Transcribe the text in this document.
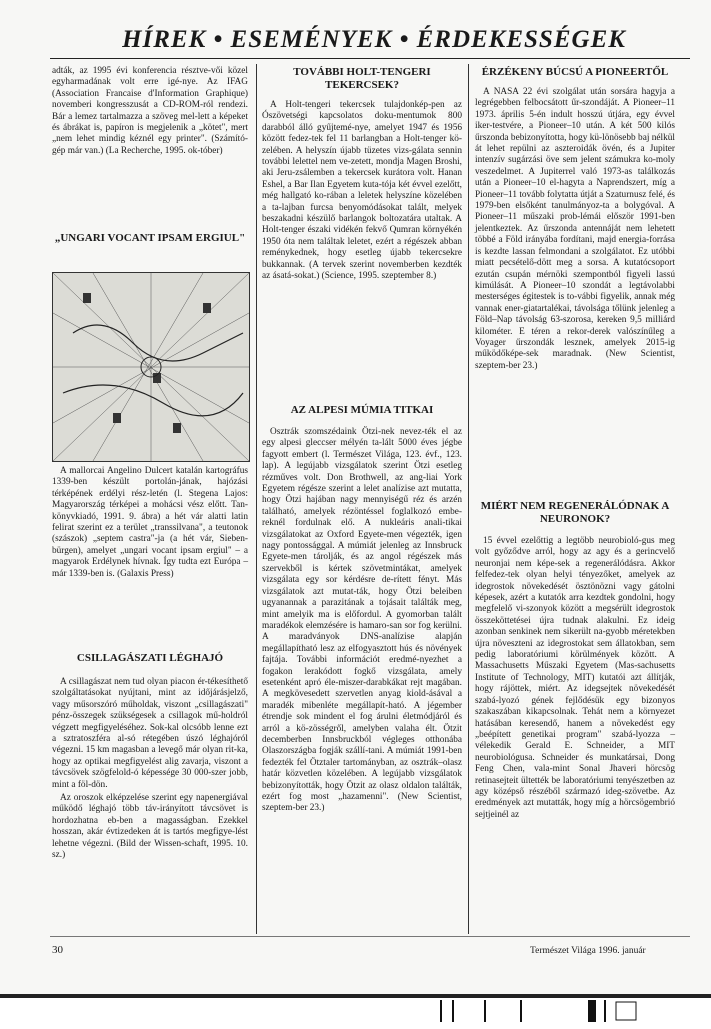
HÍREK • ESEMÉNYEK • ÉRDEKESSÉGEK

adták, az 1995 évi konferencia résztve-vői közel egyharmadának volt erre igé-nye. Az IFAG (Association Francaise d'Information Graphique) novemberi kongresszusát a CD-ROM-ról rendezi. Bár a lemez tartalmazza a szöveg mel-lett a képeket és ábrákat is, papíron is megjelenik a „kötet", mert „nem lehet mindig kéznél egy printer". (Számító-gép már van.) (La Recherche, 1995. ok-tóber)

„UNGARI VOCANT IPSAM ERGIUL"

A mallorcai Angelino Dulcert katalán kartográfus 1339-ben készült portolán-jának, hajózási térképének erdélyi rész-letén (l. Stegena Lajos: Magyarország térképei a mohácsi vész előtt. Tan-könyvkiadó, 1991. 9. ábra) a hét vár alatti latin felirat szerint ez a terület „transsilvana", a teutonok (szászok) „septem castra"-ja (a hét vár, Sieben-bürgen), amelyet „ungari vocant ipsam ergiul" – a magyarok Erdélynek hívnak. Így tudta ezt Európa – már 1339-ben is. (Galaxis Press)

CSILLAGÁSZATI LÉGHAJÓ

A csillagászat nem tud olyan piacon ér-tékesíthető szolgáltatásokat nyújtani, mint az időjárásjelző, vagy műsorszóró műholdak, viszont „csillagászati" pénz-összegek szükségesek a csillagok mű-holdról végzett megfigyeléséhez. Sok-kal olcsóbb lenne ezt a sztratoszféra al-só rétegében úszó léghajóról végezni. 15 km magasban a levegő már olyan rit-ka, hogy az optikai megfigyelést alig zavarja, viszont a távcsövek szögfelold-ó képessége 30 000-szer jobb, mint a föl-dön.

Az oroszok elképzelése szerint egy napenergiával működő léghajó több táv-irányított távcsövet is hordozhatna eb-ben a magasságban. Ezekkel hosszan, akár évtizedeken át is tartós megfigye-lést lehetne végezni. (Bild der Wissen-schaft, 1995. 10. sz.)

TOVÁBBI HOLT-TENGERI TEKERCSEK?

A Holt-tengeri tekercsek tulajdonkép-pen az Ószövetségi kapcsolatos doku-mentumok 800 darabból álló gyűjtemé-nye, amelyet 1947 és 1956 között fedez-tek fel 11 barlangban a Holt-tenger kö-zelében. A helyszín újabb tüzetes vizs-gálata sennin további lelettel nem ve-zetett, mondja Magen Broshi, aki Jeru-zsálemben a tekercsek kurátora volt. Hanan Eshel, a Bar Ilan Egyetem kuta-tója két évvel ezelőtt, még hallgató ko-rában a leletek helyszíne közelében a ta-lajban furcsa benyomódásokat talált, melyek beszakadni készülő barlangok boltozatára utaltak. A Holt-tenger északi vidékén fekvő Qumran környékén 1950 óta nem találtak leletet, ezért a régészek abban reménykednek, hogy esetleg újabb tekercsekre bukkannak. (A tervek szerint novemberben kezdték az ásatá-sokat.) (Science, 1995. szeptember 8.)

AZ ALPESI MÚMIA TITKAI

Osztrák szomszédaink Ötzi-nek nevez-ték el az egy alpesi gleccser mélyén ta-lált 5000 éves jégbe fagyott embert (l. Természet Világa, 123. évf., 123. lap). A legújabb vizsgálatok szerint Ötzi esetleg rézműves volt. Don Brothwell, az ang-liai York Egyetem régésze szerint a lelet analízise azt mutatta, hogy Ötzi hajában nagy mennyiségű réz és arzén található, amelyek rézöntéssel foglalkozó embe-reknél fordulnak elő. A nukleáris anali-tikai vizsgálatokat az Oxford Egyete-men végezték, igen nagy pontossággal. A múmiát jelenleg az Innsbruck Egyete-men tárolják, és az angol régészek más szervekből is kértek szövetmintákat, amelyek vizsgálata egy sor kérdésre de-rített fényt. Más vizsgálatok azt mutat-ták, hogy Ötzi beleiben ugyanannak a parazitának a tojásait találták meg, mint amelyik ma is előfordul. A gyomorban talált maradékok elemzésére is hamaro-san sor fog kerülni. A maradványok DNS-analízise alapján megállapítható lesz az elfogyasztott hús és növények fajtája. További információt eredmé-nyezhet a fogakon lerakódott fogkő vizsgálata, amely esetenként apró éle-miszer-darabkákat rejt magában. A megkövesedett szervetlen anyag kiold-ásával a maradék mibenléte megállapít-ható. A jégember étrendje sok mindent el fog árulni életmódjáról és arról a kö-zösségről, amelyben valaha élt. Ötzit decemberben Innsbruckból végleges otthonába Olaszországba fogják szállí-tani. A múmiát 1991-ben fedezték fel Ötztaler tartományban, az osztrák–olasz határ közvetlen közelében. A legújabb vizsgálatok bebizonyították, hogy Ötzit az olasz oldalon találták, ezért fog most „hazamenni". (New Scientist, szeptem-ber 23.)

ÉRZÉKENY BÚCSÚ A PIONEERTŐL

A NASA 22 évi szolgálat után sorsára hagyja a legrégebben felbocsátott űr-szondáját. A Pioneer–11 1973. április 5-én indult hosszú útjára, egy évvel iker-testvére, a Pioneer–10 után. A két 500 kilós űrszonda bebizonyította, hogy kü-lönösebb baj nélkül át lehet repülni az aszteroidák övén, és a Jupiter intenzív sugárzási öve sem jelent számukra ko-moly veszedelmet. A Jupiterrel való 1973-as találkozás után a Pioneer–10 el-hagyta a Naprendszert, míg a Pioneer–11 tovább folytatta útját a Szaturnusz felé, és 1979-ben elsőként tanulmányoz-ta a bolygóval. A Pioneer–11 műszaki prob-lémái először 1991-ben jelentkeztek. Az űrszonda antennáját nem lehetett többé a Föld irányába fordítani, majd energia-forrása is kezdte lassan felmondani a szolgálatot. Ez utóbbi miatt pecsételő-dött meg a sorsa. A kutatócsoport ezután csupán mérnöki szempontból figyeli lassú kimúlását. A Pioneer–10 szondát a legtávolabbi mesterséges égitestek is to-vábbi figyelik, annak még vannak ener-giatartalékai, távolsága tőlünk jelenleg a Föld–Nap távolság 63-szorosa, kereken 9,5 milliárd kilométer. E téren a rekor-derek valószínűleg a Voyager űrszondák lesznek, amelyek 2015-ig működőképe-sek maradnak. (New Scientist, szeptem-ber 23.)

MIÉRT NEM REGENERÁLÓDNAK A NEURONOK?

15 évvel ezelőttig a legtöbb neurobioló-gus meg volt győződve arról, hogy az agy és a gerincvelő neuronjai nem képe-sek a regenerálódásra. Akkor felfedez-tek olyan helyi tényezőket, amelyek az idegrostok növekedését ösztönözni vagy gátolni képesek, azért a kutatók arra kezdtek gondolni, hogy megfelelő vi-szonyok között a megsérült idegrostok összeköttetései újra tudnak alakulni. Ez ideig azonban senkinek nem sikerült na-gyobb méretekben újra növeszteni az idegrostokat sem állatokban, sem pedig laboratóriumi körülmények között. A Massachusetts Műszaki Egyetem (Mas-sachusetts Institute of Technology, MIT) kutatói azt állítják, hogy rájöttek, miért. Az idegsejtek növekedését szabá-lyozó gének fejlődésük egy bizonyos szakaszában kikapcsolnak. Tehát nem a környezet hatásában keresendő, hanem a növekedést egy „beépített genetikai program" szabá-lyozza – vélekedik Gerald E. Schneider, a MIT neurobiológusa. Schneider és munkatársai, Dong Feng Chen, vala-mint Sonal Jhaveri hörcsög retinasejteit ültették be laboratóriumi tenyészetben az agy középső részéből származó ideg-szövetbe. Az eredmények azt mutatták, hogy míg a hörcsögembrió sejtjeinél az

30	Természet Világa 1996. január
